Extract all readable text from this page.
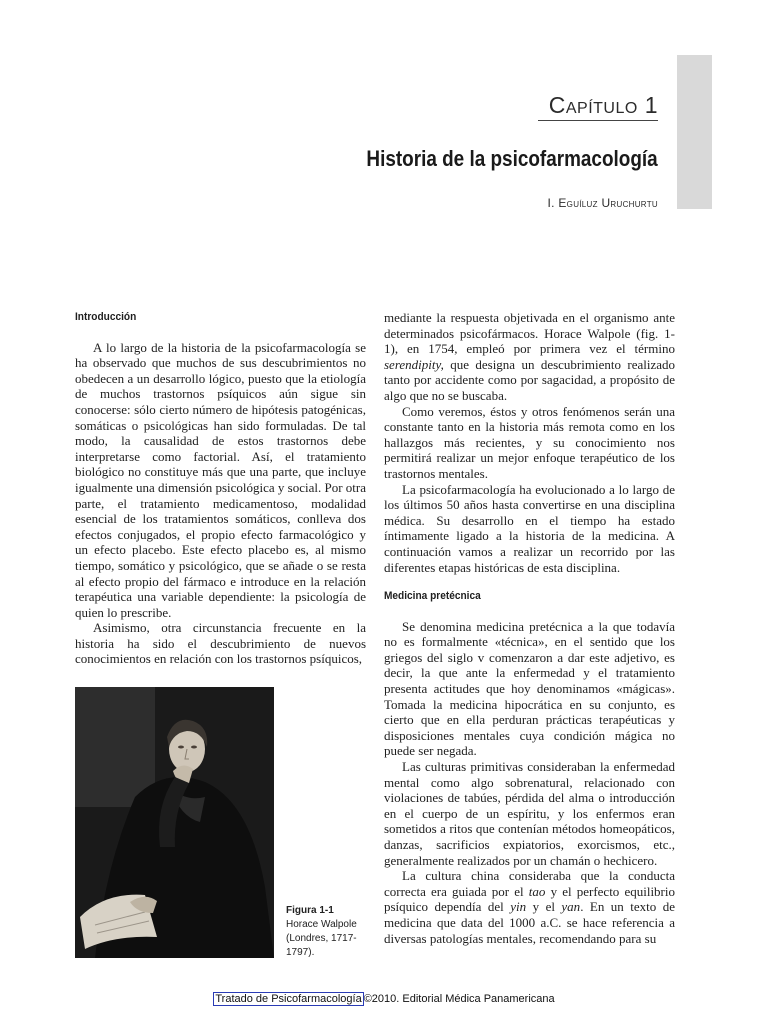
Capítulo 1
Historia de la psicofarmacología
I. Eguíluz Uruchurtu
Introducción

A lo largo de la historia de la psicofarmacología se ha observado que muchos de sus descubrimientos no obedecen a un desarrollo lógico, puesto que la etiología de muchos trastornos psíquicos aún sigue sin conocerse: sólo cierto número de hipótesis patogénicas, somáticas o psicológicas han sido formuladas. De tal modo, la causalidad de estos trastornos debe interpretarse como factorial. Así, el tratamiento biológico no constituye más que una parte, que incluye igualmente una dimensión psicológica y social. Por otra parte, el tratamiento medicamentoso, modalidad esencial de los tratamientos somáticos, conlleva dos efectos conjugados, el propio efecto farmacológico y un efecto placebo. Este efecto placebo es, al mismo tiempo, somático y psicológico, que se añade o se resta al efecto propio del fármaco e introduce en la relación terapéutica una variable dependiente: la psicología de quien lo prescribe.

Asimismo, otra circunstancia frecuente en la historia ha sido el descubrimiento de nuevos conocimientos en relación con los trastornos psíquicos,

mediante la respuesta objetivada en el organismo ante determinados psicofármacos. Horace Walpole (fig. 1-1), en 1754, empleó por primera vez el término serendipity, que designa un descubrimiento realizado tanto por accidente como por sagacidad, a propósito de algo que no se buscaba.

Como veremos, éstos y otros fenómenos serán una constante tanto en la historia más remota como en los hallazgos más recientes, y su conocimiento nos permitirá realizar un mejor enfoque terapéutico de los trastornos mentales.

La psicofarmacología ha evolucionado a lo largo de los últimos 50 años hasta convertirse en una disciplina médica. Su desarrollo en el tiempo ha estado íntimamente ligado a la historia de la medicina. A continuación vamos a realizar un recorrido por las diferentes etapas históricas de esta disciplina.

Medicina pretécnica

Se denomina medicina pretécnica a la que todavía no es formalmente «técnica», en el sentido que los griegos del siglo v comenzaron a dar este adjetivo, es decir, la que ante la enfermedad y el tratamiento presenta actitudes que hoy denominamos «mágicas». Tomada la medicina hipocrática en su conjunto, es cierto que en ella perduran prácticas terapéuticas y disposiciones mentales cuya condición mágica no puede ser negada.

Las culturas primitivas consideraban la enfermedad mental como algo sobrenatural, relacionado con violaciones de tabúes, pérdida del alma o introducción en el cuerpo de un espíritu, y los enfermos eran sometidos a ritos que contenían métodos homeopáticos, danzas, sacrificios expiatorios, exorcismos, etc., generalmente realizados por un chamán o hechicero.

La cultura china consideraba que la conducta correcta era guiada por el tao y el perfecto equilibrio psíquico dependía del yin y el yan. En un texto de medicina que data del 1000 a.C. se hace referencia a diversas patologías mentales, recomendando para su

Figura 1-1
Horace Walpole (Londres, 1717-1797).
Tratado de Psicofarmacología ©2010. Editorial Médica Panamericana
